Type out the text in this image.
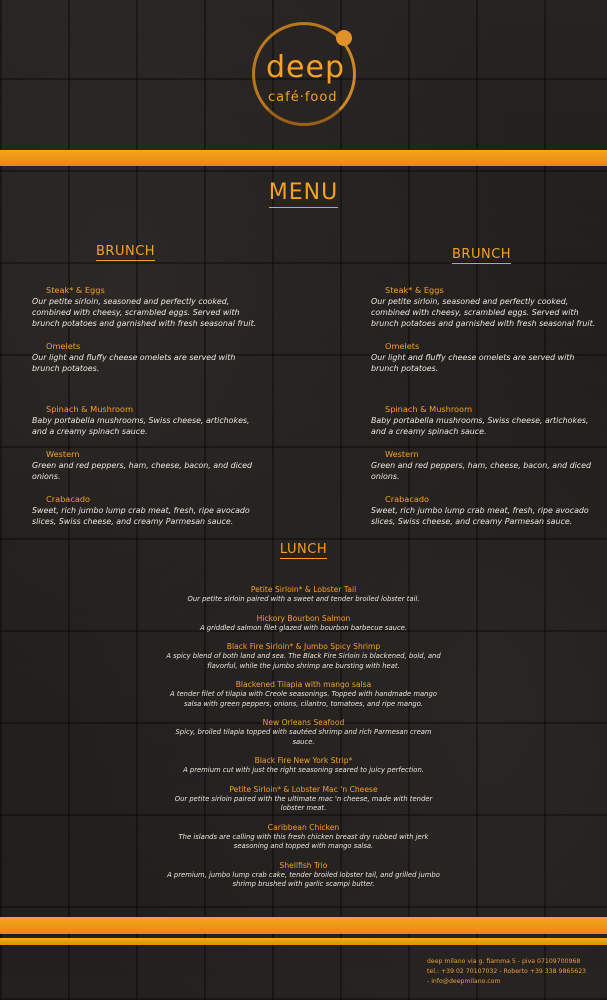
deep
café·food
MENU
BRUNCH
Steak* & Eggs
Our petite sirloin, seasoned and perfectly cooked, combined with cheesy, scrambled eggs. Served with brunch potatoes and garnished with fresh seasonal fruit.
Omelets
Our light and fluffy cheese omelets are served with brunch potatoes.
Spinach & Mushroom
Baby portabella mushrooms, Swiss cheese, artichokes, and a creamy spinach sauce.
Western
Green and red peppers, ham, cheese, bacon, and diced onions.
Crabacado
Sweet, rich jumbo lump crab meat, fresh, ripe avocado slices, Swiss cheese, and creamy Parmesan sauce.
BRUNCH
Steak* & Eggs
Our petite sirloin, seasoned and perfectly cooked, combined with cheesy, scrambled eggs. Served with brunch potatoes and garnished with fresh seasonal fruit.
Omelets
Our light and fluffy cheese omelets are served with brunch potatoes.
Spinach & Mushroom
Baby portabella mushrooms, Swiss cheese, artichokes, and a creamy spinach sauce.
Western
Green and red peppers, ham, cheese, bacon, and diced onions.
Crabacado
Sweet, rich jumbo lump crab meat, fresh, ripe avocado slices, Swiss cheese, and creamy Parmesan sauce.
LUNCH
Petite Sirloin* & Lobster Tail
Our petite sirloin paired with a sweet and tender broiled lobster tail.
Hickory Bourbon Salmon
A griddled salmon filet glazed with bourbon barbecue sauce.
Black Fire Sirloin* & Jumbo Spicy Shrimp
A spicy blend of both land and sea. The Black Fire Sirloin is blackened, bold, and flavorful, while the jumbo shrimp are bursting with heat.
Blackened Tilapia with mango salsa
A tender filet of tilapia with Creole seasonings. Topped with handmade mango salsa with green peppers, onions, cilantro, tomatoes, and ripe mango.
New Orleans Seafood
Spicy, broiled tilapia topped with sautéed shrimp and rich Parmesan cream sauce.
Black Fire New York Strip*
A premium cut with just the right seasoning seared to juicy perfection.
Petite Sirloin* & Lobster Mac 'n Cheese
Our petite sirloin paired with the ultimate mac 'n cheese, made with tender lobster meat.
Caribbean Chicken
The islands are calling with this fresh chicken breast dry rubbed with jerk seasoning and topped with mango salsa.
Shellfish Trio
A premium, jumbo lump crab cake, tender broiled lobster tail, and grilled jumbo shrimp brushed with garlic scampi butter.
deep milano via g. fiamma 5 - piva 07109700968
tel.: +39 02 70107032 - Roberto +39 338 9865623
- info@deepmilano.com
